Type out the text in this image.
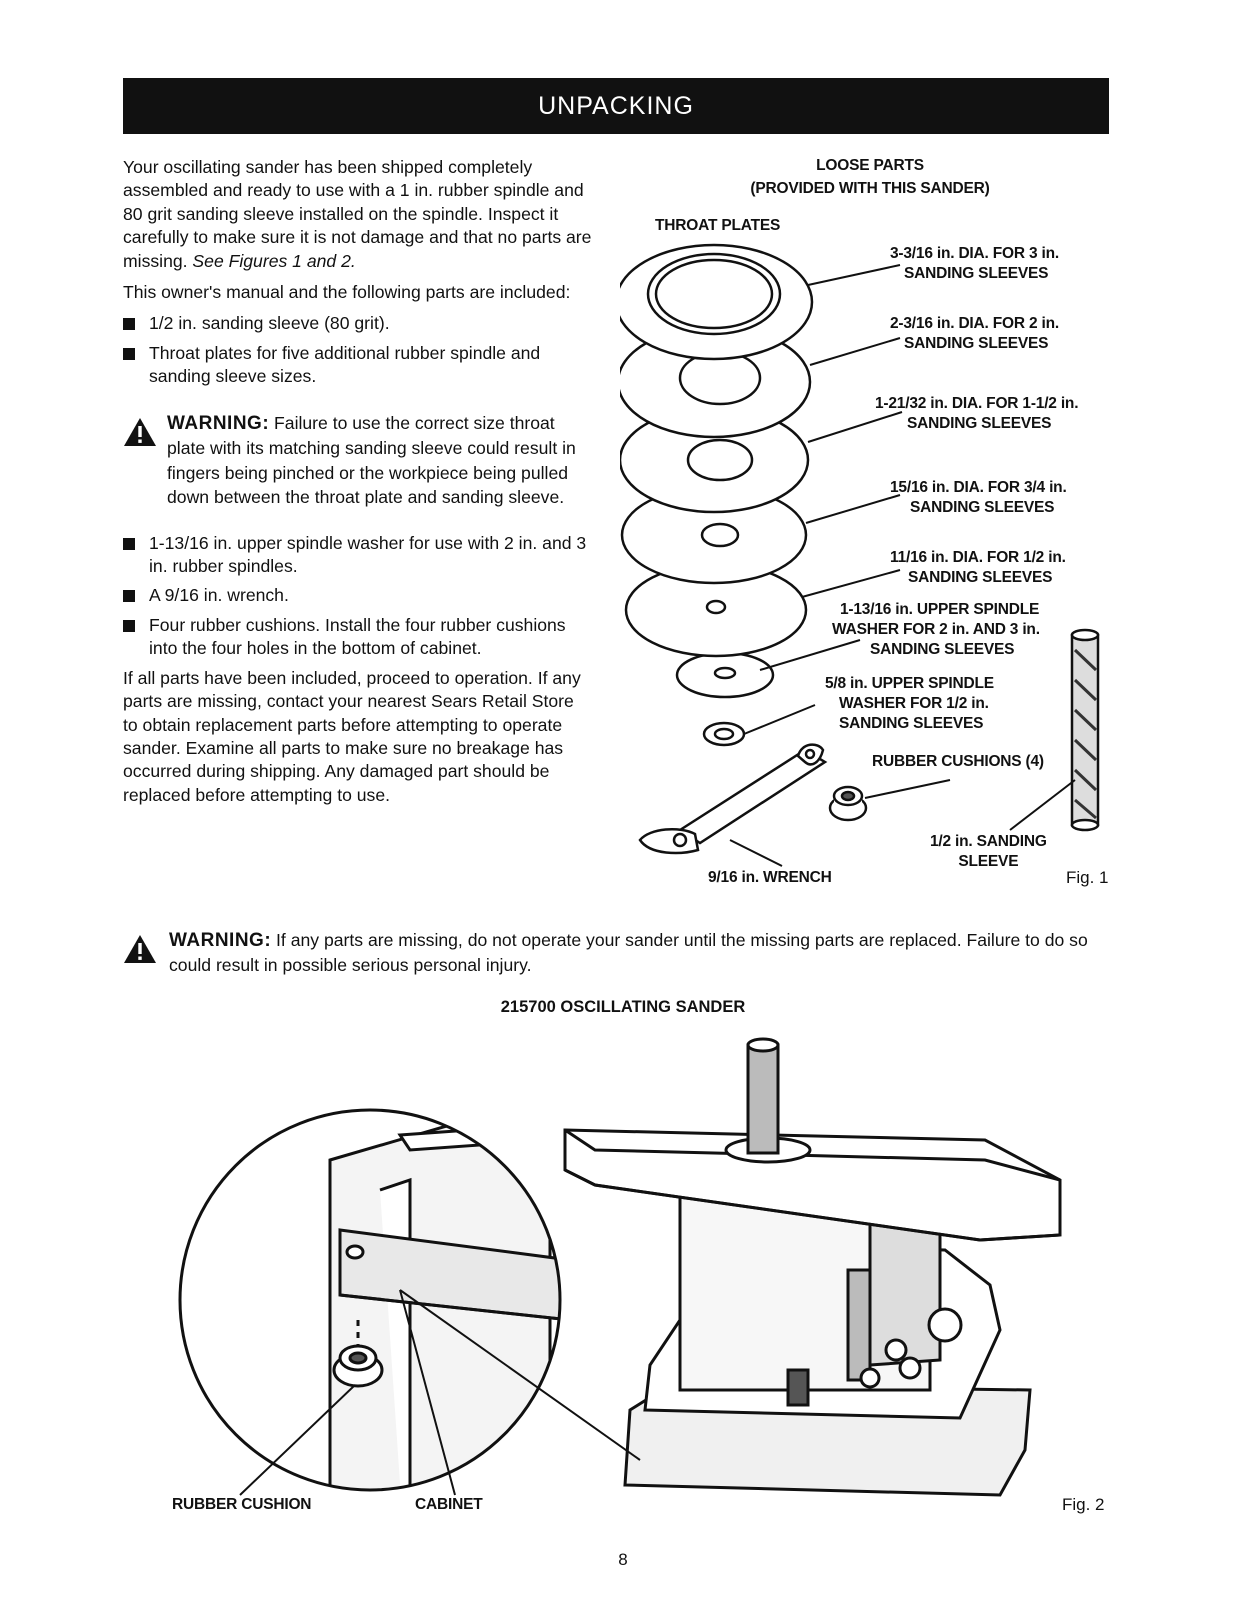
UNPACKING

Your oscillating sander has been shipped completely assembled and ready to use with a 1 in. rubber spindle and 80 grit sanding sleeve installed on the spindle. Inspect it carefully to make sure it is not damage and that no parts are missing. See Figures 1 and 2.

This owner's manual and the following parts are included:

1/2 in. sanding sleeve (80 grit).
Throat plates for five additional rubber spindle and sanding sleeve sizes.
WARNING: Failure to use the correct size throat plate with its matching sanding sleeve could result in fingers being pinched or the workpiece being pulled down between the throat plate and sanding sleeve.
1-13/16 in. upper spindle washer for use with 2 in. and 3 in. rubber spindles.
A 9/16 in. wrench.
Four rubber cushions. Install the four rubber cushions into the four holes in the bottom of cabinet.

If all parts have been included, proceed to operation. If any parts are missing, contact your nearest Sears Retail Store to obtain replacement parts before attempting to operate sander. Examine all parts to make sure no breakage has occurred during shipping. Any damaged part should be replaced before attempting to use.

LOOSE PARTS
(PROVIDED WITH THIS SANDER)
THROAT PLATES
3-3/16 in. DIA. FOR 3 in.
SANDING SLEEVES
2-3/16 in. DIA. FOR 2 in.
SANDING SLEEVES
1-21/32 in. DIA. FOR 1-1/2 in.
SANDING SLEEVES
15/16 in. DIA. FOR 3/4 in.
SANDING SLEEVES
11/16 in. DIA. FOR 1/2 in.
SANDING SLEEVES
1-13/16 in. UPPER SPINDLE
WASHER FOR 2 in. AND 3 in.
SANDING SLEEVES
5/8 in. UPPER SPINDLE
WASHER FOR 1/2 in.
SANDING SLEEVES
RUBBER CUSHIONS (4)
1/2 in. SANDING
SLEEVE
9/16 in. WRENCH	Fig. 1
WARNING: If any parts are missing, do not operate your sander until the missing parts are replaced. Failure to do so could result in possible serious personal injury.
215700 OSCILLATING SANDER
RUBBER CUSHION	CABINET	Fig. 2
8
